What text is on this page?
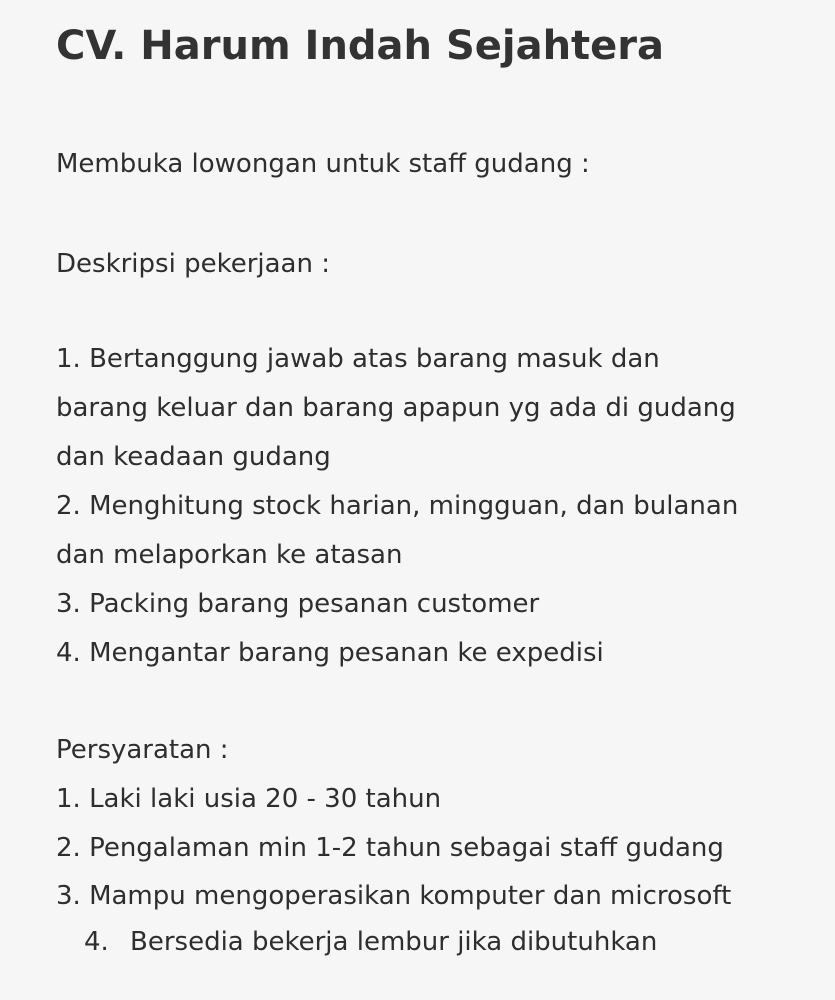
CV. Harum Indah Sejahtera

Membuka lowongan untuk staff gudang :

Deskripsi pekerjaan :

1. Bertanggung jawab atas barang masuk dan

barang keluar dan barang apapun yg ada di gudang

dan keadaan gudang

2. Menghitung stock harian, mingguan, dan bulanan

dan melaporkan ke atasan

3. Packing barang pesanan customer

4. Mengantar barang pesanan ke expedisi

Persyaratan :

1. Laki laki usia 20 - 30 tahun

2. Pengalaman min 1-2 tahun sebagai staff gudang

3. Mampu mengoperasikan komputer dan microsoft

4. Bersedia bekerja lembur jika dibutuhkan
